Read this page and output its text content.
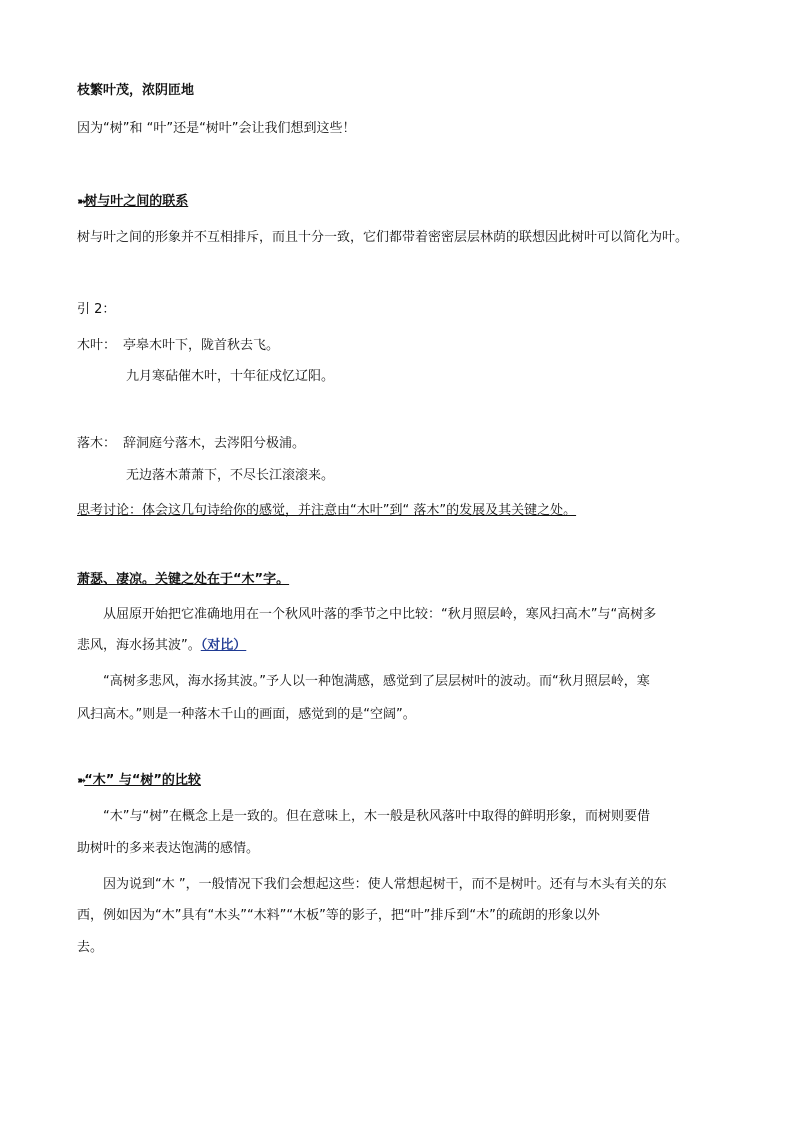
枝繁叶茂，浓阴匝地
因为“树”和 “叶”还是“树叶”会让我们想到这些！
➽树与叶之间的联系
树与叶之间的形象并不互相排斥，而且十分一致，它们都带着密密层层林荫的联想因此树叶可以简化为叶。
引 2：
木叶： 亭皋木叶下，陇首秋去飞。
九月寒砧催木叶，十年征戍忆辽阳。
落木： 辞洞庭兮落木，去涔阳兮极浦。
无边落木萧萧下，不尽长江滚滚来。
思考讨论：体会这几句诗给你的感觉，并注意由“木叶”到“ 落木”的发展及其关键之处。
萧瑟、凄凉。关键之处在于“木”字。
从屈原开始把它准确地用在一个秋风叶落的季节之中比较：“秋月照层岭，寒风扫高木”与“高树多
悲风，海水扬其波”。（对比）
“高树多悲风，海水扬其波。”予人以一种饱满感，感觉到了层层树叶的波动。而“秋月照层岭，寒
风扫高木。”则是一种落木千山的画面，感觉到的是“空阔”。
➽“木” 与“树”的比较
“木”与“树”在概念上是一致的。但在意味上，木一般是秋风落叶中取得的鲜明形象，而树则要借
助树叶的多来表达饱满的感情。
因为说到“木 ”，一般情况下我们会想起这些：使人常想起树干，而不是树叶。还有与木头有关的东
西，例如因为“木”具有“木头”“木料”“木板”等的影子，把“叶”排斥到“木”的疏朗的形象以外
去。
